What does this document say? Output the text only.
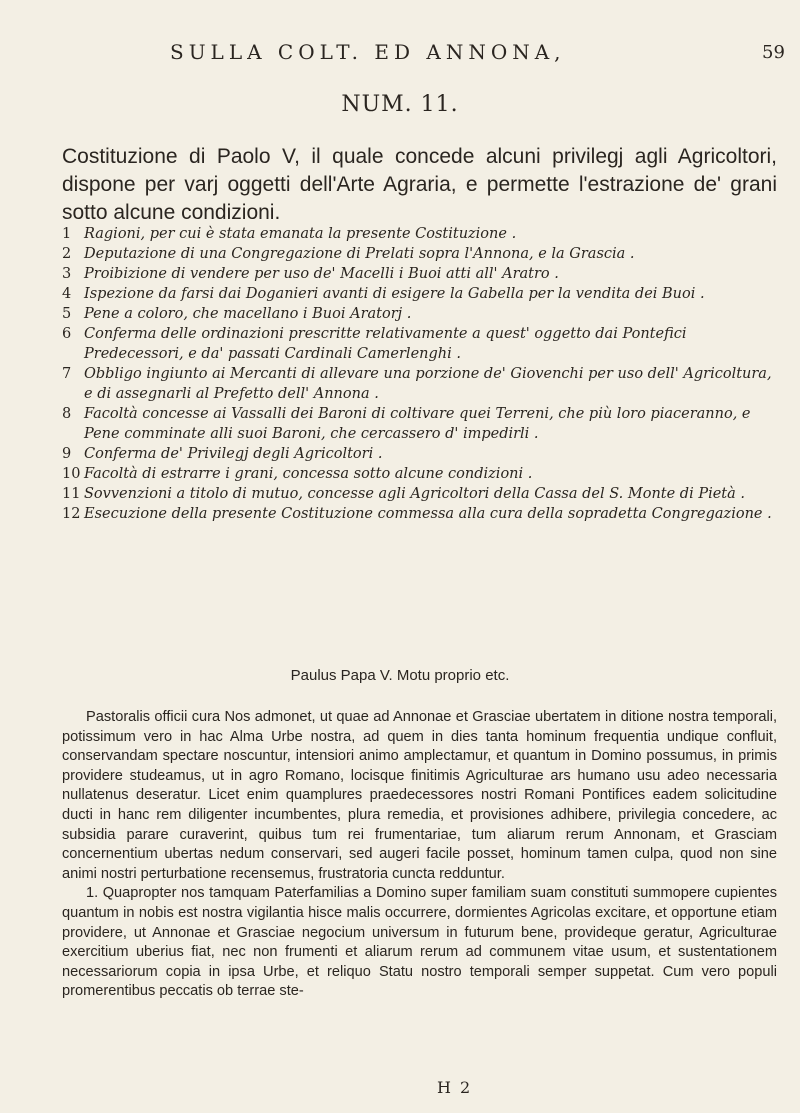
SULLA COLT. ED ANNONA,	59
NUM. 11.
Costituzione di Paolo V, il quale concede alcuni privilegj agli Agricoltori, dispone per varj oggetti dell'Arte Agraria, e permette l'estrazione de' grani sotto alcune condizioni.
1 Ragioni, per cui è stata emanata la presente Costituzione .
2 Deputazione di una Congregazione di Prelati sopra l'Annona, e la Grascia .
3 Proibizione di vendere per uso de' Macelli i Buoi atti all' Aratro .
4 Ispezione da farsi dai Doganieri avanti di esigere la Gabella per la vendita dei Buoi .
5 Pene a coloro, che macellano i Buoi Aratorj .
6 Conferma delle ordinazioni prescritte relativamente a quest' oggetto dai Pontefici Predecessori, e da' passati Cardinali Camerlenghi .
7 Obbligo ingiunto ai Mercanti di allevare una porzione de' Giovenchi per uso dell' Agricoltura, e di assegnarli al Prefetto dell' Annona .
8 Facoltà concesse ai Vassalli dei Baroni di coltivare quei Terreni, che più loro piaceranno, e Pene comminate alli suoi Baroni, che cercassero d' impedirli .
9 Conferma de' Privilegj degli Agricoltori .
10 Facoltà di estrarre i grani, concessa sotto alcune condizioni .
11 Sovvenzioni a titolo di mutuo, concesse agli Agricoltori della Cassa del S. Monte di Pietà .
12 Esecuzione della presente Costituzione commessa alla cura della sopradetta Congregazione .
Paulus Papa V. Motu proprio etc.

Pastoralis officii cura Nos admonet, ut quae ad Annonae et Grasciae ubertatem in ditione nostra temporali, potissimum vero in hac Alma Urbe nostra, ad quem in dies tanta hominum frequentia undique confluit, conservandam spectare noscuntur, intensiori animo amplectamur, et quantum in Domino possumus, in primis providere studeamus, ut in agro Romano, locisque finitimis Agriculturae ars humano usu adeo necessaria nullatenus deseratur. Licet enim quamplures praedecessores nostri Romani Pontifices eadem solicitudine ducti in hanc rem diligenter incumbentes, plura remedia, et provisiones adhibere, privilegia concedere, ac subsidia parare curaverint, quibus tum rei frumentariae, tum aliarum rerum Annonam, et Grasciam concernentium ubertas nedum conservari, sed augeri facile posset, hominum tamen culpa, quod non sine animi nostri perturbatione recensemus, frustratoria cuncta redduntur.

1. Quapropter nos tamquam Paterfamilias a Domino super familiam suam constituti summopere cupientes quantum in nobis est nostra vigilantia hisce malis occurrere, dormientes Agricolas excitare, et opportune etiam providere, ut Annonae et Grasciae negocium universum in futurum bene, provideque geratur, Agriculturae exercitium uberius fiat, nec non frumenti et aliarum rerum ad communem vitae usum, et sustentationem necessariorum copia in ipsa Urbe, et reliquo Statu nostro temporali semper suppetat. Cum vero populi promerentibus peccatis ob terrae ste-

H 2
